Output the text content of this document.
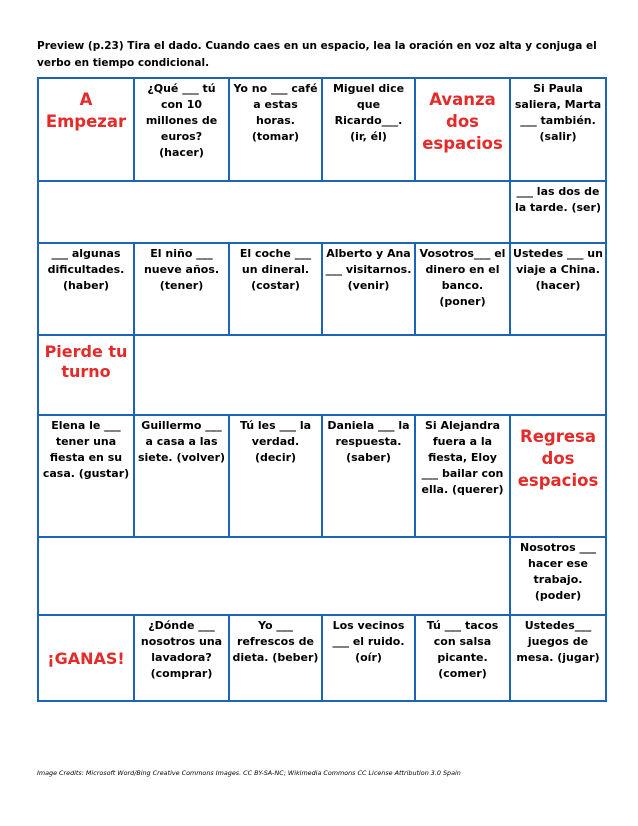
Preview (p.23) Tira el dado. Cuando caes en un espacio, lea la oración en voz alta y conjuga el
verbo en tiempo condicional.
A Empezar	¿Qué ___ tú con 10 millones de euros? (hacer)	Yo no ___ café a estas horas. (tomar)	Miguel dice que Ricardo___. (ir, él)	Avanza dos espacios	Si Paula saliera, Marta ___ también. (salir)

					___ las dos de la tarde. (ser)

___ algunas dificultades. (haber)	El niño ___ nueve años. (tener)	El coche ___ un dineral. (costar)	Alberto y Ana ___ visitarnos. (venir)	Vosotros___ el dinero en el banco. (poner)	Ustedes ___ un viaje a China. (hacer)

Pierde tu turno					

Elena le ___ tener una fiesta en su casa. (gustar)	Guillermo ___ a casa a las siete. (volver)	Tú les ___ la verdad. (decir)	Daniela ___ la respuesta. (saber)	Si Alejandra fuera a la fiesta, Eloy ___ bailar con ella. (querer)	Regresa dos espacios

					Nosotros ___ hacer ese trabajo. (poder)

¡GANAS!	¿Dónde ___ nosotros una lavadora? (comprar)	Yo ___ refrescos de dieta. (beber)	Los vecinos ___ el ruido. (oír)	Tú ___ tacos con salsa picante. (comer)	Ustedes___ juegos de mesa. (jugar)
Image Credits: Microsoft Word/Bing Creative Commons Images. CC BY-SA-NC; Wikimedia Commons CC License Attribution 3.0 Spain
